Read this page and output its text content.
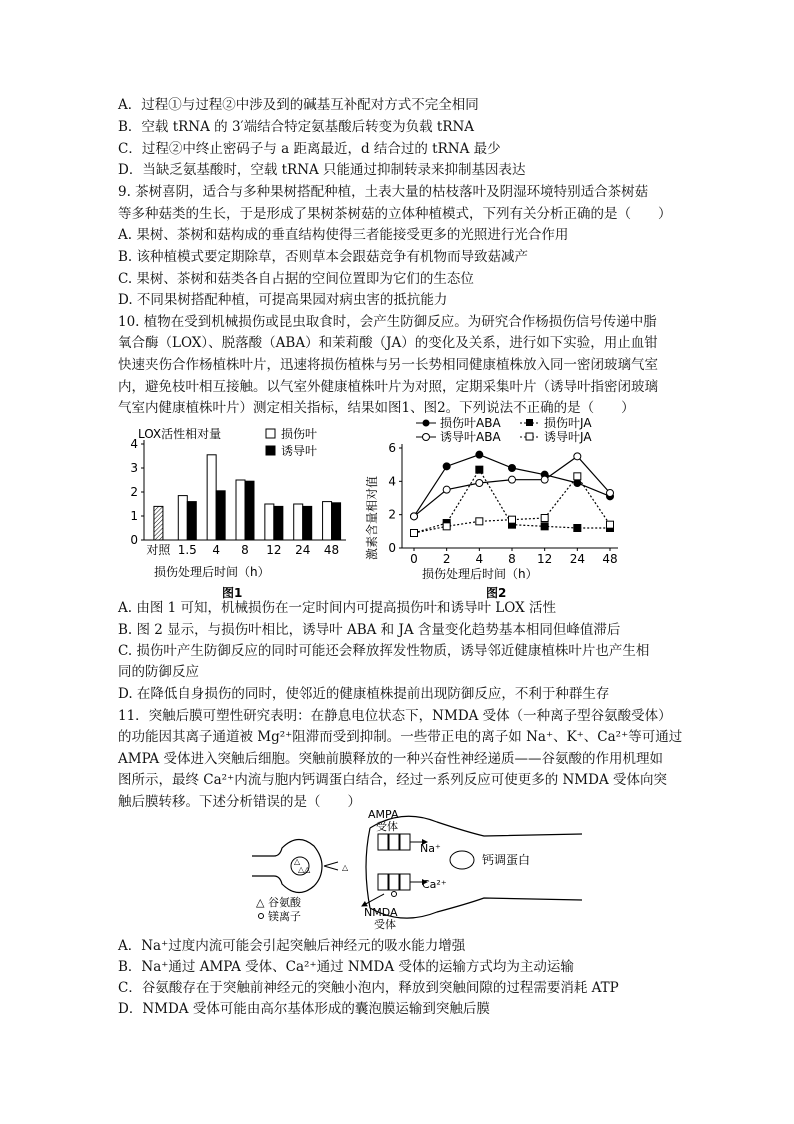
A．过程①与过程②中涉及到的碱基互补配对方式不完全相同
B．空载 tRNA 的 3′端结合特定氨基酸后转变为负载 tRNA
C．过程②中终止密码子与 a 距离最近，d 结合过的 tRNA 最少
D．当缺乏氨基酸时，空载 tRNA 只能通过抑制转录来抑制基因表达
9. 茶树喜阴，适合与多种果树搭配种植，土表大量的枯枝落叶及阴湿环境特别适合茶树菇
等多种菇类的生长，于是形成了果树茶树菇的立体种植模式，下列有关分析正确的是（　　）
A. 果树、茶树和菇构成的垂直结构使得三者能接受更多的光照进行光合作用
B. 该种植模式要定期除草，否则草本会跟菇竞争有机物而导致菇减产
C. 果树、茶树和菇类各自占据的空间位置即为它们的生态位
D. 不同果树搭配种植，可提高果园对病虫害的抵抗能力
10. 植物在受到机械损伤或昆虫取食时，会产生防御反应。为研究合作杨损伤信号传递中脂
氧合酶（LOX）、脱落酸（ABA）和茉莉酸（JA）的变化及关系，进行如下实验，用止血钳
快速夹伤合作杨植株叶片，迅速将损伤植株与另一长势相同健康植株放入同一密闭玻璃气室
内，避免枝叶相互接触。以气室外健康植株叶片为对照，定期采集叶片（诱导叶指密闭玻璃
气室内健康植株叶片）测定相关指标，结果如图1、图2。下列说法不正确的是（　　）
LOX活性相对量	损伤叶
诱导叶
0
1
2
3
4
对照 1.5 4 8 12 24 48
损伤处理后时间（h）
图1
激素含量相对值
损伤叶ABA
诱导叶ABA
损伤叶JA
诱导叶JA
0
2
4
6
0 2 4 8 12 24 48
损伤处理后时间（h）
图2
A. 由图 1 可知，机械损伤在一定时间内可提高损伤叶和诱导叶 LOX 活性
B. 图 2 显示，与损伤叶相比，诱导叶 ABA 和 JA 含量变化趋势基本相同但峰值滞后
C. 损伤叶产生防御反应的同时可能还会释放挥发性物质，诱导邻近健康植株叶片也产生相
同的防御反应
D. 在降低自身损伤的同时，使邻近的健康植株提前出现防御反应，不利于种群生存
11．突触后膜可塑性研究表明：在静息电位状态下，NMDA 受体（一种离子型谷氨酸受体）
的功能因其离子通道被 Mg²⁺阻滞而受到抑制。一些带正电的离子如 Na⁺、K⁺、Ca²⁺等可通过
AMPA 受体进入突触后细胞。突触前膜释放的一种兴奋性神经递质——谷氨酸的作用机理如
图所示，最终 Ca²⁺内流与胞内钙调蛋白结合，经过一系列反应可使更多的 NMDA 受体向突
触后膜转移。下述分析错误的是（　　）
△
△△	△
Na⁺
AMPA
受体
Ca²⁺
NMDA
受体
钙调蛋白
△ 谷氨酸
镁离子
A．Na⁺过度内流可能会引起突触后神经元的吸水能力增强
B．Na⁺通过 AMPA 受体、Ca²⁺通过 NMDA 受体的运输方式均为主动运输
C．谷氨酸存在于突触前神经元的突触小泡内，释放到突触间隙的过程需要消耗 ATP
D．NMDA 受体可能由高尔基体形成的囊泡膜运输到突触后膜
